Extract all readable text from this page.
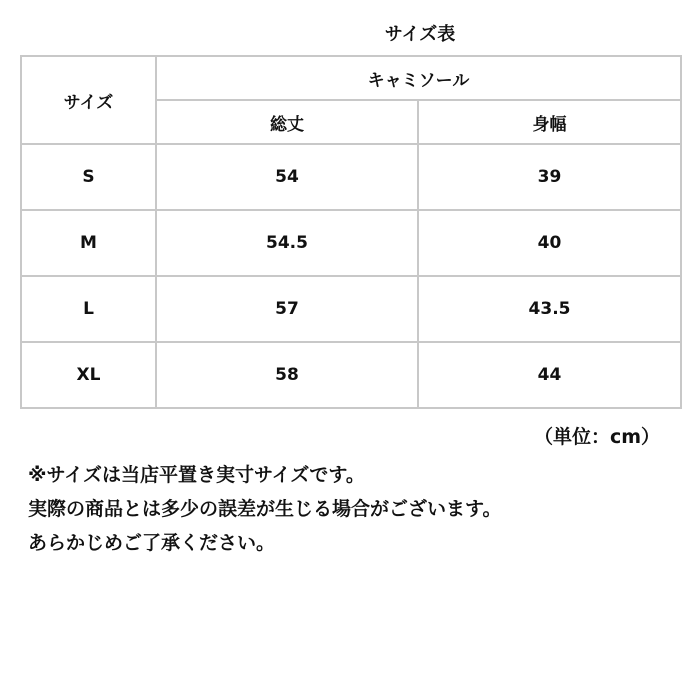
サイズ表
サイズ	キャミソール	
	総丈	身幅
S	54	39
M	54.5	40
L	57	43.5
XL	58	44
（単位：cm）
※サイズは当店平置き実寸サイズです。
実際の商品とは多少の誤差が生じる場合がございます。
あらかじめご了承ください。
